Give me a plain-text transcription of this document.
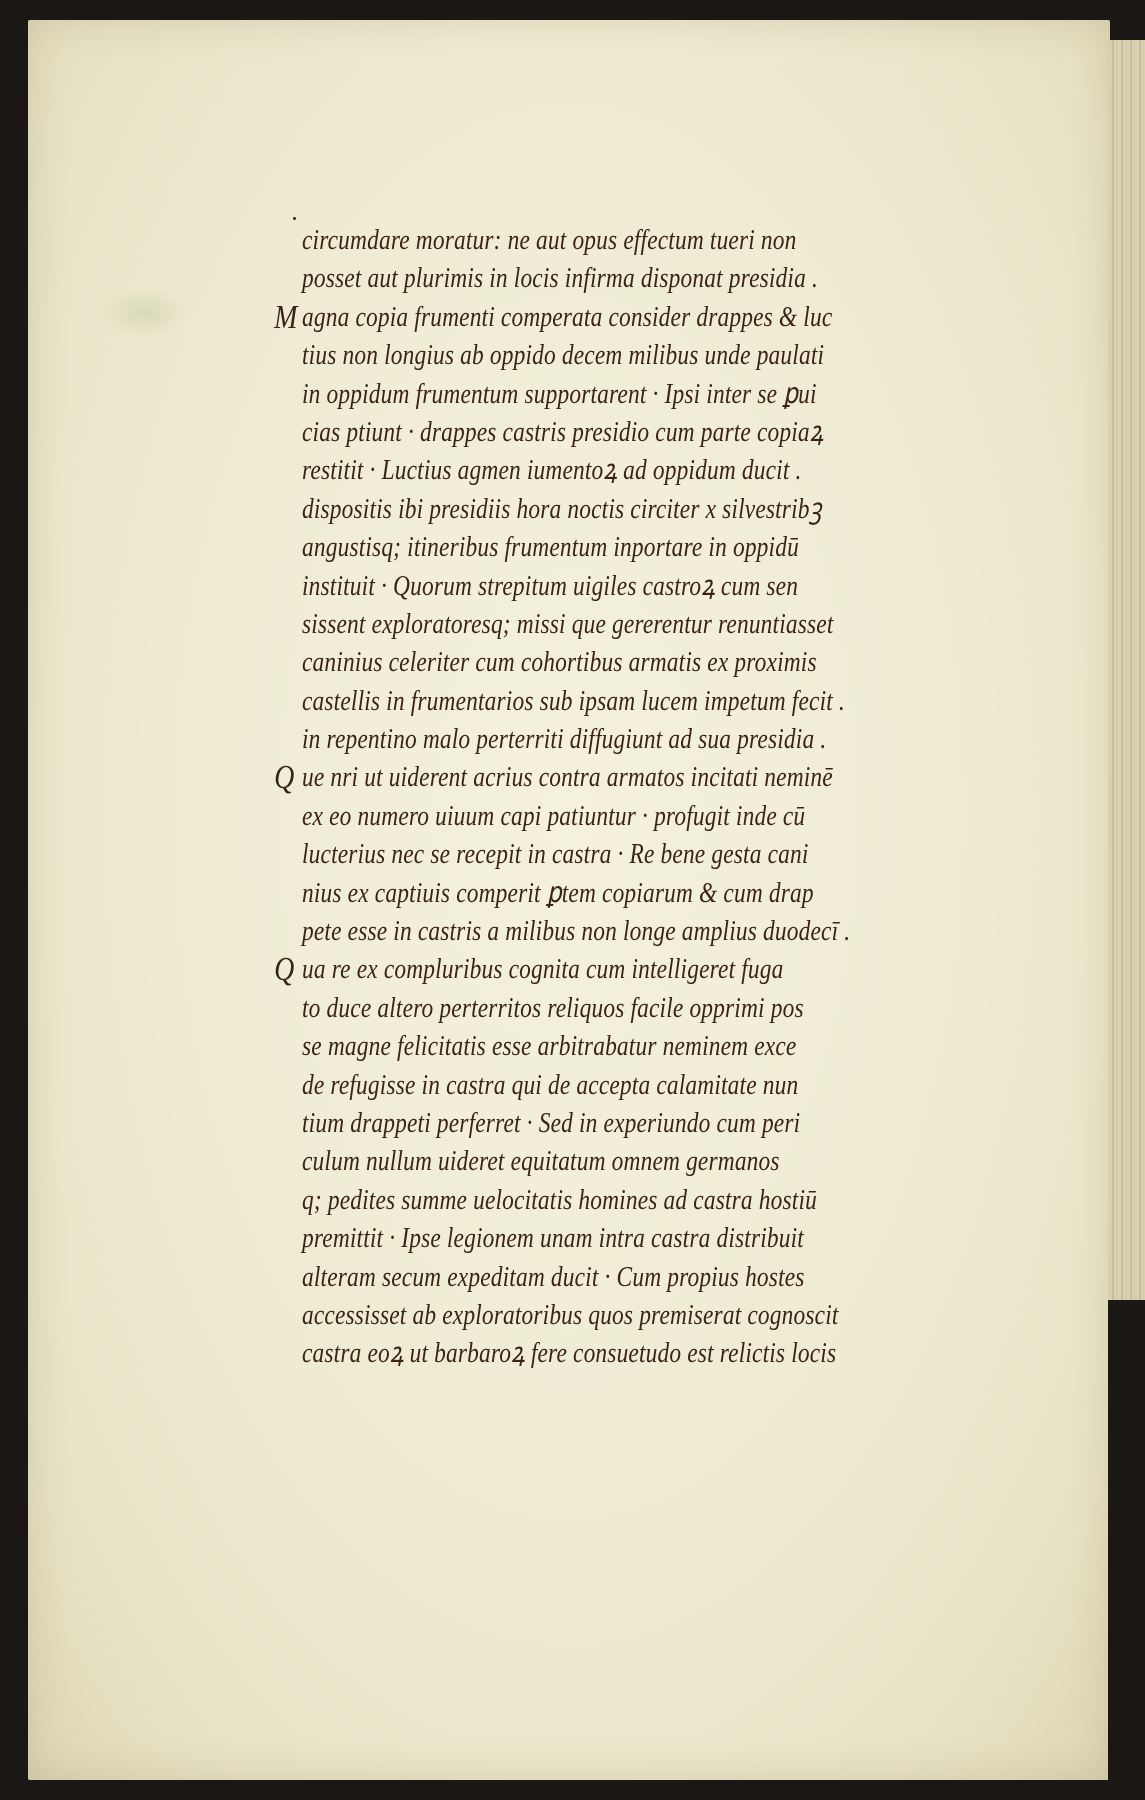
circumdare moratur: ne aut opus effectum tueri non
posset aut plurimis in locis infirma disponat presidia .
M agna copia frumenti comperata consider drappes & luc
tius non longius ab oppido decem milibus unde paulati
in oppidum frumentum supportarent · Ipsi inter se ꝑui
cias ptiunt · drappes castris presidio cum parte copiaꝝ
restitit · Luctius agmen iumentoꝝ ad oppidum ducit .
dispositis ibi presidiis hora noctis circiter x silvestribꝫ
angustisq; itineribus frumentum inportare in oppidū
instituit · Quorum strepitum uigiles castroꝝ cum sen
sissent exploratoresq; missi que gererentur renuntiasset
caninius celeriter cum cohortibus armatis ex proximis
castellis in frumentarios sub ipsam lucem impetum fecit .
in repentino malo perterriti diffugiunt ad sua presidia .
Q ue nri ut uiderent acrius contra armatos incitati neminē
ex eo numero uiuum capi patiuntur · profugit inde cū
lucterius nec se recepit in castra · Re bene gesta cani
nius ex captiuis comperit ꝑtem copiarum & cum drap
pete esse in castris a milibus non longe amplius duodecī .
Q ua re ex compluribus cognita cum intelligeret fuga
to duce altero perterritos reliquos facile opprimi pos
se magne felicitatis esse arbitrabatur neminem exce
de refugisse in castra qui de accepta calamitate nun
tium drappeti perferret · Sed in experiundo cum peri
culum nullum uideret equitatum omnem germanos
q; pedites summe uelocitatis homines ad castra hostiū
premittit · Ipse legionem unam intra castra distribuit
alteram secum expeditam ducit · Cum propius hostes
accessisset ab exploratoribus quos premiserat cognoscit
castra eoꝝ ut barbaroꝝ fere consuetudo est relictis locis
